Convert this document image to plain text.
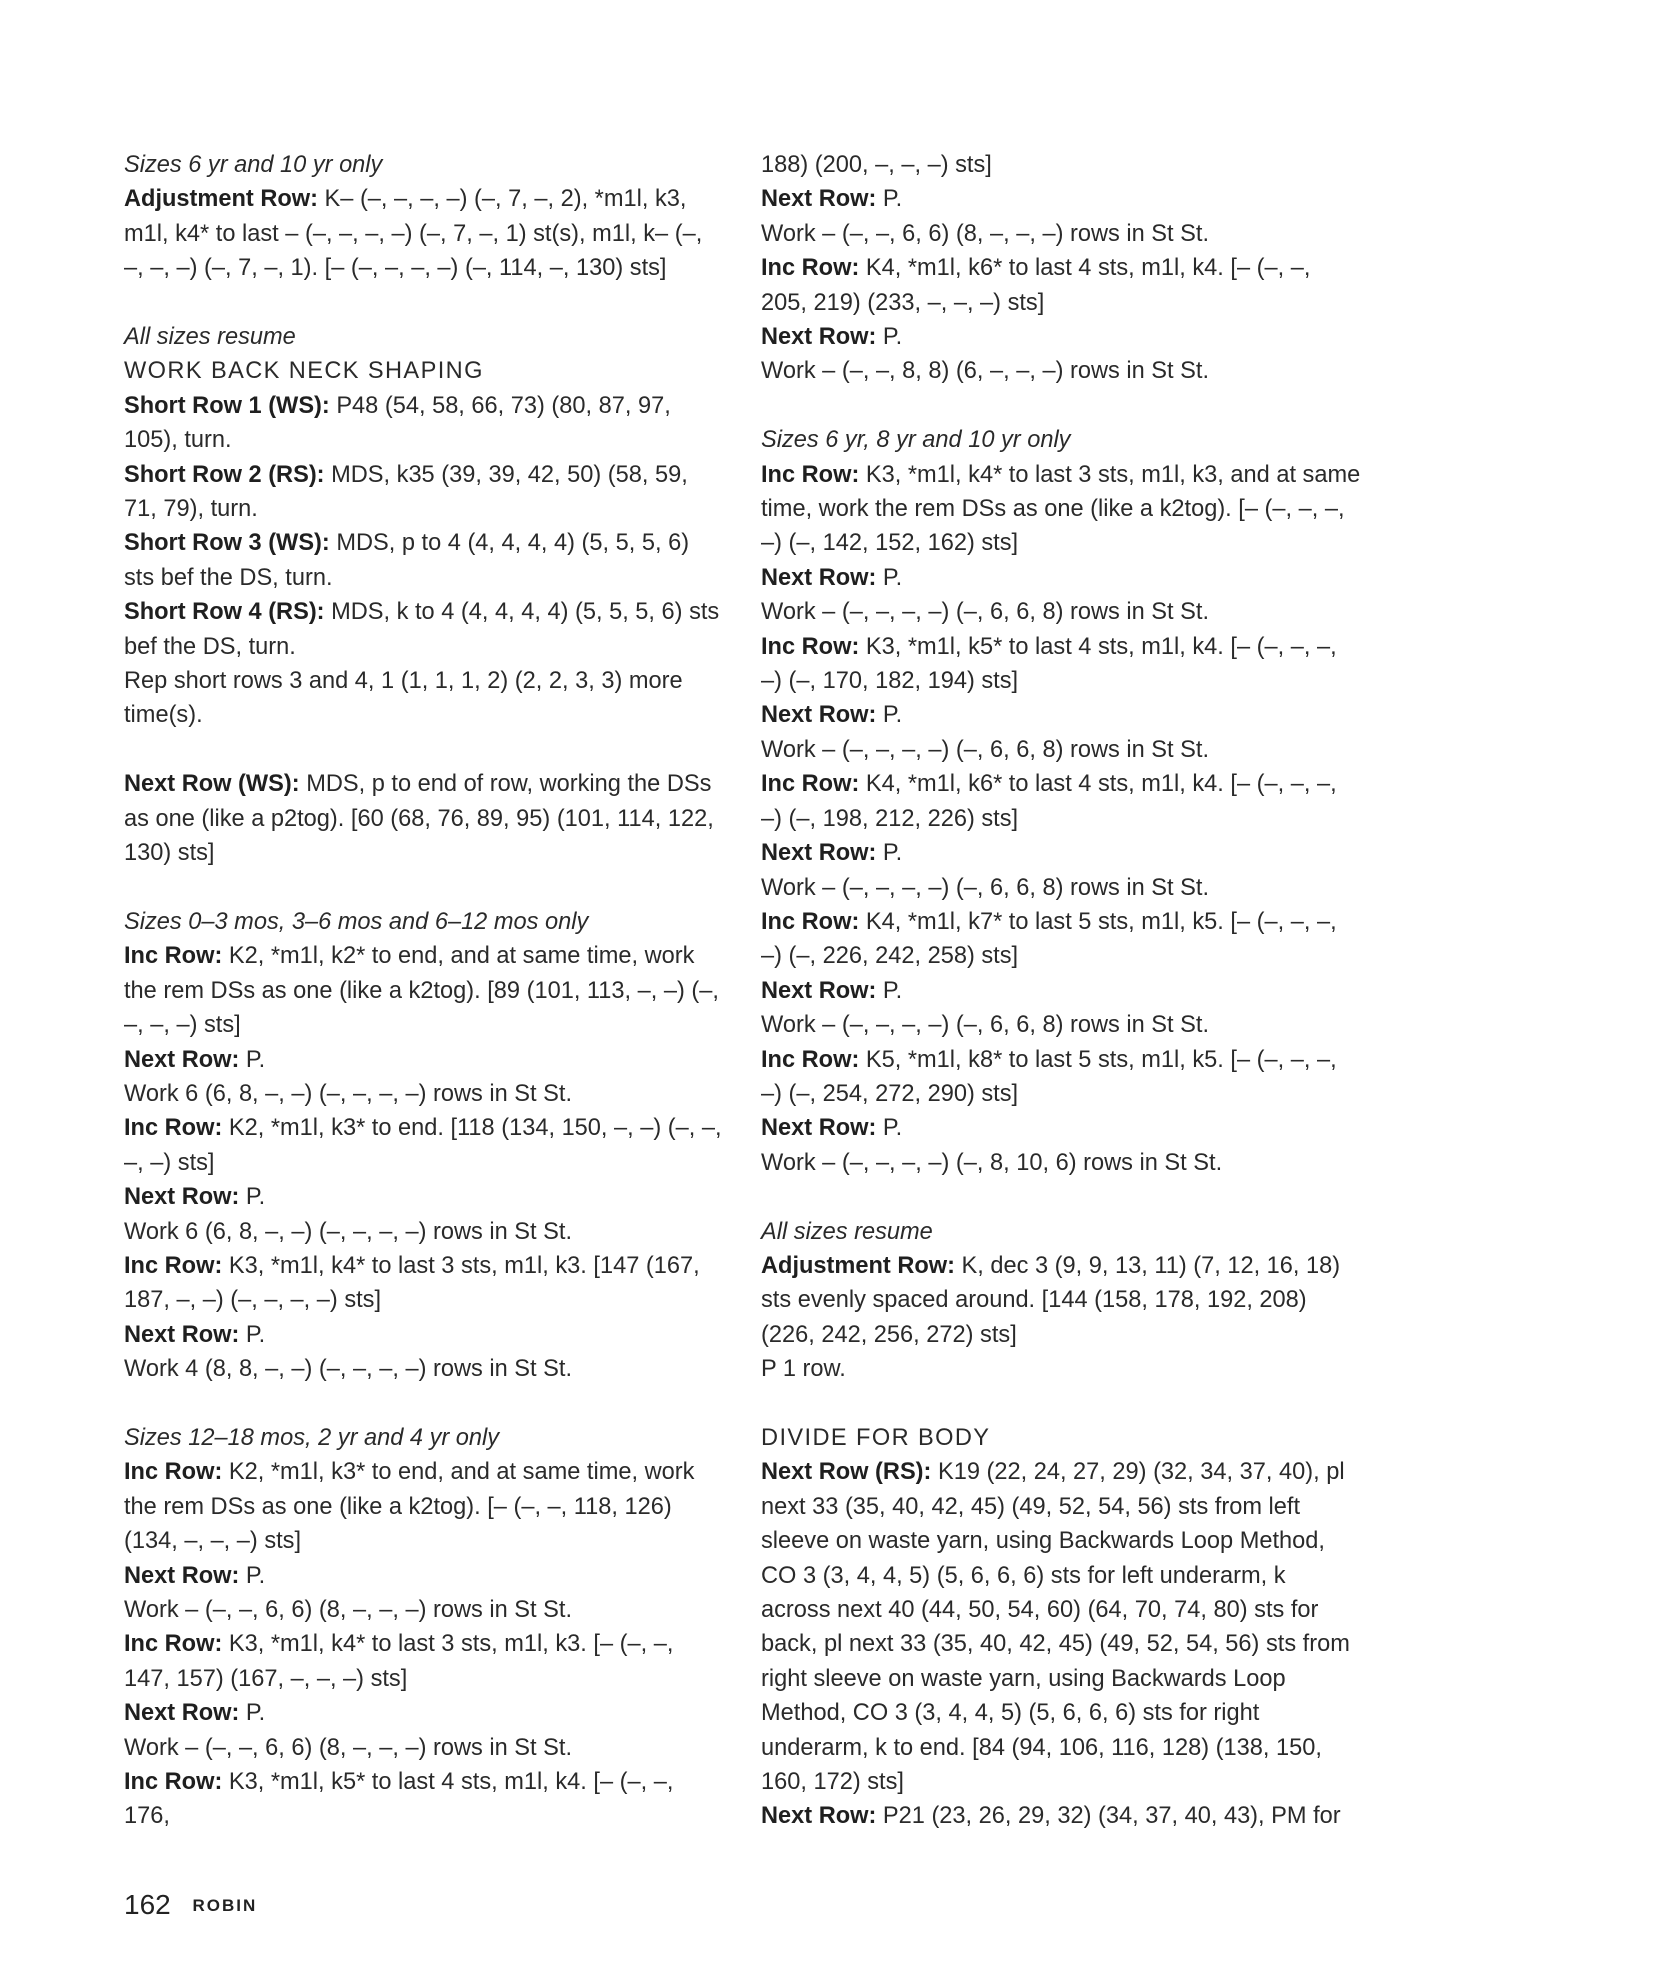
Sizes 6 yr and 10 yr only
Adjustment Row: K– (–, –, –, –) (–, 7, –, 2), *m1l, k3, m1l, k4* to last – (–, –, –, –) (–, 7, –, 1) st(s), m1l, k– (–, –, –, –) (–, 7, –, 1). [– (–, –, –, –) (–, 114, –, 130) sts]
All sizes resume
WORK BACK NECK SHAPING
Short Row 1 (WS): P48 (54, 58, 66, 73) (80, 87, 97, 105), turn.
Short Row 2 (RS): MDS, k35 (39, 39, 42, 50) (58, 59, 71, 79), turn.
Short Row 3 (WS): MDS, p to 4 (4, 4, 4, 4) (5, 5, 5, 6) sts bef the DS, turn.
Short Row 4 (RS): MDS, k to 4 (4, 4, 4, 4) (5, 5, 5, 6) sts bef the DS, turn.
Rep short rows 3 and 4, 1 (1, 1, 1, 2) (2, 2, 3, 3) more time(s).
Next Row (WS): MDS, p to end of row, working the DSs as one (like a p2tog). [60 (68, 76, 89, 95) (101, 114, 122, 130) sts]
Sizes 0–3 mos, 3–6 mos and 6–12 mos only
Inc Row: K2, *m1l, k2* to end, and at same time, work the rem DSs as one (like a k2tog). [89 (101, 113, –, –) (–, –, –, –) sts]
Next Row: P.
Work 6 (6, 8, –, –) (–, –, –, –) rows in St St.
Inc Row: K2, *m1l, k3* to end. [118 (134, 150, –, –) (–, –, –, –) sts]
Next Row: P.
Work 6 (6, 8, –, –) (–, –, –, –) rows in St St.
Inc Row: K3, *m1l, k4* to last 3 sts, m1l, k3. [147 (167, 187, –, –) (–, –, –, –) sts]
Next Row: P.
Work 4 (8, 8, –, –) (–, –, –, –) rows in St St.
Sizes 12–18 mos, 2 yr and 4 yr only
Inc Row: K2, *m1l, k3* to end, and at same time, work the rem DSs as one (like a k2tog). [– (–, –, 118, 126) (134, –, –, –) sts]
Next Row: P.
Work – (–, –, 6, 6) (8, –, –, –) rows in St St.
Inc Row: K3, *m1l, k4* to last 3 sts, m1l, k3. [– (–, –, 147, 157) (167, –, –, –) sts]
Next Row: P.
Work – (–, –, 6, 6) (8, –, –, –) rows in St St.
Inc Row: K3, *m1l, k5* to last 4 sts, m1l, k4. [– (–, –, 176,
188) (200, –, –, –) sts]
Next Row: P.
Work – (–, –, 6, 6) (8, –, –, –) rows in St St.
Inc Row: K4, *m1l, k6* to last 4 sts, m1l, k4. [– (–, –, 205, 219) (233, –, –, –) sts]
Next Row: P.
Work – (–, –, 8, 8) (6, –, –, –) rows in St St.
Sizes 6 yr, 8 yr and 10 yr only
Inc Row: K3, *m1l, k4* to last 3 sts, m1l, k3, and at same time, work the rem DSs as one (like a k2tog). [– (–, –, –, –) (–, 142, 152, 162) sts]
Next Row: P.
Work – (–, –, –, –) (–, 6, 6, 8) rows in St St.
Inc Row: K3, *m1l, k5* to last 4 sts, m1l, k4. [– (–, –, –, –) (–, 170, 182, 194) sts]
Next Row: P.
Work – (–, –, –, –) (–, 6, 6, 8) rows in St St.
Inc Row: K4, *m1l, k6* to last 4 sts, m1l, k4. [– (–, –, –, –) (–, 198, 212, 226) sts]
Next Row: P.
Work – (–, –, –, –) (–, 6, 6, 8) rows in St St.
Inc Row: K4, *m1l, k7* to last 5 sts, m1l, k5. [– (–, –, –, –) (–, 226, 242, 258) sts]
Next Row: P.
Work – (–, –, –, –) (–, 6, 6, 8) rows in St St.
Inc Row: K5, *m1l, k8* to last 5 sts, m1l, k5. [– (–, –, –, –) (–, 254, 272, 290) sts]
Next Row: P.
Work – (–, –, –, –) (–, 8, 10, 6) rows in St St.
All sizes resume
Adjustment Row: K, dec 3 (9, 9, 13, 11) (7, 12, 16, 18) sts evenly spaced around. [144 (158, 178, 192, 208) (226, 242, 256, 272) sts]
P 1 row.
DIVIDE FOR BODY
Next Row (RS): K19 (22, 24, 27, 29) (32, 34, 37, 40), pl next 33 (35, 40, 42, 45) (49, 52, 54, 56) sts from left sleeve on waste yarn, using Backwards Loop Method, CO 3 (3, 4, 4, 5) (5, 6, 6, 6) sts for left underarm, k across next 40 (44, 50, 54, 60) (64, 70, 74, 80) sts for back, pl next 33 (35, 40, 42, 45) (49, 52, 54, 56) sts from right sleeve on waste yarn, using Backwards Loop Method, CO 3 (3, 4, 4, 5) (5, 6, 6, 6) sts for right underarm, k to end. [84 (94, 106, 116, 128) (138, 150, 160, 172) sts]
Next Row: P21 (23, 26, 29, 32) (34, 37, 40, 43), PM for
162 ROBIN
